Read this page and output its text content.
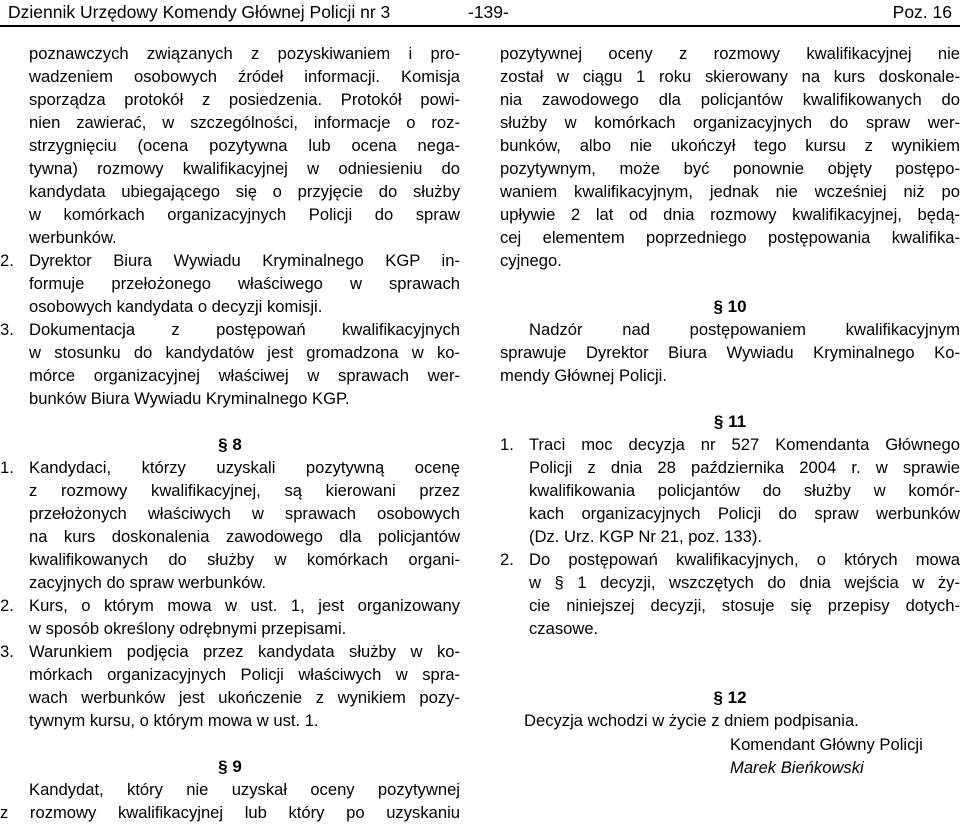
Dziennik Urzędowy Komendy Głównej Policji nr 3	-139-	Poz. 16
poznawczych związanych z pozyskiwaniem i pro-
wadzeniem osobowych źródeł informacji. Komisja
sporządza protokół z posiedzenia. Protokół powi-
nien zawierać, w szczególności, informacje o roz-
strzygnięciu (ocena pozytywna lub ocena nega-
tywna) rozmowy kwalifikacyjnej w odniesieniu do
kandydata ubiegającego się o przyjęcie do służby
w komórkach organizacyjnych Policji do spraw
werbunków.
2. Dyrektor Biura Wywiadu Kryminalnego KGP in-
formuje przełożonego właściwego w sprawach
osobowych kandydata o decyzji komisji.
3. Dokumentacja z postępowań kwalifikacyjnych
w stosunku do kandydatów jest gromadzona w ko-
mórce organizacyjnej właściwej w sprawach wer-
bunków Biura Wywiadu Kryminalnego KGP.
§ 8
1. Kandydaci, którzy uzyskali pozytywną ocenę
z rozmowy kwalifikacyjnej, są kierowani przez
przełożonych właściwych w sprawach osobowych
na kurs doskonalenia zawodowego dla policjantów
kwalifikowanych do służby w komórkach organi-
zacyjnych do spraw werbunków.
2. Kurs, o którym mowa w ust. 1, jest organizowany
w sposób określony odrębnymi przepisami.
3. Warunkiem podjęcia przez kandydata służby w ko-
mórkach organizacyjnych Policji właściwych w spra-
wach werbunków jest ukończenie z wynikiem pozy-
tywnym kursu, o którym mowa w ust. 1.
§ 9
Kandydat, który nie uzyskał oceny pozytywnej
z rozmowy kwalifikacyjnej lub który po uzyskaniu
pozytywnej oceny z rozmowy kwalifikacyjnej nie
został w ciągu 1 roku skierowany na kurs doskonale-
nia zawodowego dla policjantów kwalifikowanych do
służby w komórkach organizacyjnych do spraw wer-
bunków, albo nie ukończył tego kursu z wynikiem
pozytywnym, może być ponownie objęty postępo-
waniem kwalifikacyjnym, jednak nie wcześniej niż po
upływie 2 lat od dnia rozmowy kwalifikacyjnej, będą-
cej elementem poprzedniego postępowania kwalifika-
cyjnego.
§ 10
Nadzór nad postępowaniem kwalifikacyjnym
sprawuje Dyrektor Biura Wywiadu Kryminalnego Ko-
mendy Głównej Policji.
§ 11
1. Traci moc decyzja nr 527 Komendanta Głównego
Policji z dnia 28 października 2004 r. w sprawie
kwalifikowania policjantów do służby w komór-
kach organizacyjnych Policji do spraw werbunków
(Dz. Urz. KGP Nr 21, poz. 133).
2. Do postępowań kwalifikacyjnych, o których mowa
w § 1 decyzji, wszczętych do dnia wejścia w ży-
cie niniejszej decyzji, stosuje się przepisy dotych-
czasowe.
§ 12
Decyzja wchodzi w życie z dniem podpisania.
Komendant Główny Policji
Marek Bieńkowski
